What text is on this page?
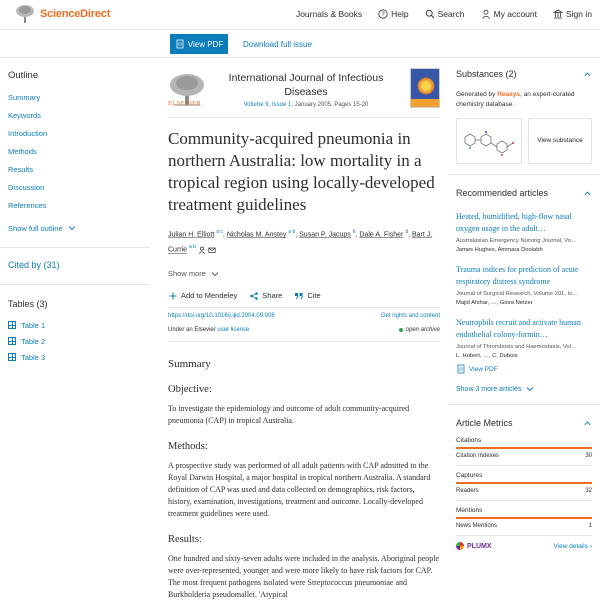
ScienceDirect	Journals & Books	? Help	Search	My account	Sign in
View PDF Download full issue
Outline
Summary
Keywords
Introduction
Methods
Results
Discussion
References
Show full outline
Cited by (31)
Tables (3)
Table 1
Table 2
Table 3
ELSEVIER
International Journal of Infectious Diseases
Volume 9, Issue 1, January 2005, Pages 15-20
Community-acquired pneumonia in northern Australia: low mortality in a tropical region using locally-developed treatment guidelines
Julian H. Elliott $^{a c}$, Nicholas M. Anstey $^{a b}$, Susan P. Jacups $^b$, Dale A. Fisher $^d$, Bart J. Currie $^{a b}$
Show more
Add to Mendeley	Share	Cite
https://doi.org/10.1016/j.ijid.2004.09.008	Get rights and content
Under an Elsevier user license	open archive
Summary
Objective:
To investigate the epidemiology and outcome of adult community-acquired pneumonia (CAP) in tropical Australia.
Methods:
A prospective study was performed of all adult patients with CAP admitted to the Royal Darwin Hospital, a major hospital in tropical northern Australia. A standard definition of CAP was used and data collected on demographics, risk factors, history, examination, investigations, treatment and outcome. Locally-developed treatment guidelines were used.
Results:
One hundred and sixty-seven adults were included in the analysis. Aboriginal people were over-represented, younger and were more likely to have risk factors for CAP. The most frequent pathogens isolated were Streptococcus pneumoniae and Burkholderia pseudomallei. 'Atypical
Substances (2)
Generated by Reaxys, an expert-curated chemistry database.
View substance
Recommended articles
Heated, humidified, high-flow nasal oxygen usage in the adult…
Australasian Emergency Nursing Journal, Vo…
James Hughes, Ammara Doolabh
Trauma indices for prediction of acute respiratory distress syndrome
Journal of Surgical Research, Volume 201, Is…
Majid Afshar, …, Giora Netzer
Neutrophils recruit and activate human endothelial colony-formin…
Journal of Thrombosis and Haemostasis, Vol…
L. Hubert, …, C. Dubois
View PDF
Show 3 more articles
Article Metrics
Citations
Citation Indexes	30
Captures
Readers	32
Mentions
News Mentions	1
PLUMX	View details ›
